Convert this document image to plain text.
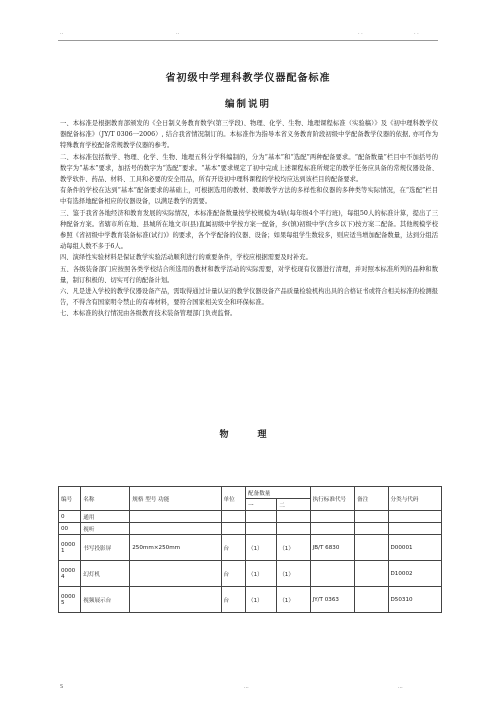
..	..	. .	. .
省初级中学理科教学仪器配备标准
编制说明

一、本标准是根据教育部颁发的《全日制义务教育数学(第三学段)、物理、化学、生物、地理课程标准（实验稿）》及《初中理科教学仪器配备标准》（JY/T 0306一2006）, 结合我省情况制订的。本标准作为指导本省义务教育阶段初级中学配备教学仪器的依据, 亦可作为特殊教育学校配备常规教学仪器的参考。

二、本标准包括数学、物理、化学、生物、地理五科分学科编制的，分为“基本”和“选配”两种配备要求。“配备数量”栏目中不加括号的数字为“基本”要求，加括号的数字为“选配”要求。“基本”要求规定了初中完成上述课程标准所规定的教学任务应具备的常规仪器设备、教学软件、药品、材料、工具和必要的安全用品，所有开设初中理科课程的学校均应达到该栏目的配备要求。

有条件的学校在达到“基本”配备要求的基础上，可根据选用的教材、教师教学方法的多样性和仪器的多种类等实际情况，在“选配”栏目中有选择地配备相应的仪器设备，以满足教学的需要。

三、鉴于我省各地经济和教育发展的实际情况，本标准配备数量按学校规模为4轨(每年级4个平行班)，每组50人的标准计算，提出了三种配备方案。省辖市所在地、县城所在地文市(县)直属初级中学按方案一配备，乡(镇)初级中学(含乡以下)按方案二配备。其他规模学校参照《省初级中学教育装备标准(试行)》的要求，各个学配备的仪器、设备；如果每组学生数较多，则应适当增加配备数量，达到分组活动每组人数不多于6人。

四、演绎性实验材料是保证教学实验活动顺利进行的重要条件，学校应根据需要及时补充。

五、各级装备部门应按照各类学校结合所选用的教材和教学活动的实际需要，对学校现有仪器进行清理，并对照本标准所列的品种和数量，制订积极的、切实可行的配备计划。

六、凡是进入学校的教学仪器设备产品，需取得通过计量认证的教学仪器设备产品质量检验机构出具的合格证书或符合相关标准的检测报告，不得含有国家明令禁止的有毒材料，要符合国家相关安全和环保标准。

七、本标准的执行情况由各级教育技术装备管理部门负责监督。

物　理
编号	名称	规格 型号 功能	单位	配备数量		执行标准代号	备注	分类与代码
				一	二			
0	通用							
00	视听							
00001	书写投影屏	250mm×250mm	台	（1）	（1）	JB/T 6830		D00001
00004	幻灯机		台	（1）	（1）			D10002
00005	视频展示台		台	（1）	（1）	JY/T 0363		D50310
S	...	...
